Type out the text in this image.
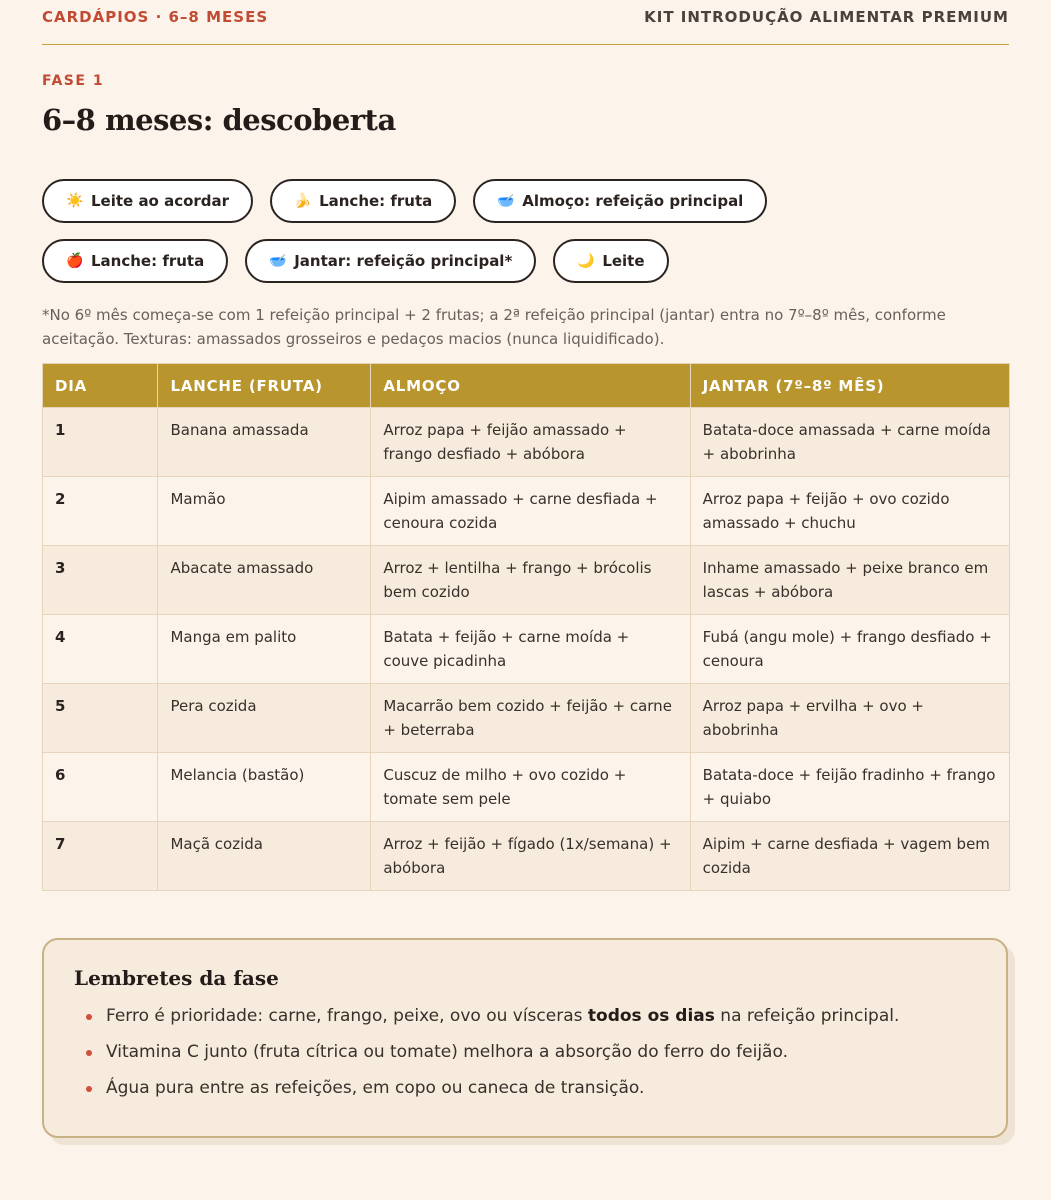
CARDÁPIOS · 6–8 MESES	KIT INTRODUÇÃO ALIMENTAR PREMIUM
FASE 1
6–8 meses: descoberta
☀️ Leite ao acordar	🍌 Lanche: fruta	🥣 Almoço: refeição principal
🍎 Lanche: fruta	🥣 Jantar: refeição principal*	🌙 Leite
*No 6º mês começa-se com 1 refeição principal + 2 frutas; a 2ª refeição principal (jantar) entra no 7º–8º mês, conforme aceitação. Texturas: amassados grosseiros e pedaços macios (nunca liquidificado).
DIA	LANCHE (FRUTA)	ALMOÇO	JANTAR (7º–8º MÊS)
1	Banana amassada	Arroz papa + feijão amassado + frango desfiado + abóbora	Batata-doce amassada + carne moída + abobrinha
2	Mamão	Aipim amassado + carne desfiada + cenoura cozida	Arroz papa + feijão + ovo cozido amassado + chuchu
3	Abacate amassado	Arroz + lentilha + frango + brócolis bem cozido	Inhame amassado + peixe branco em lascas + abóbora
4	Manga em palito	Batata + feijão + carne moída + couve picadinha	Fubá (angu mole) + frango desfiado + cenoura
5	Pera cozida	Macarrão bem cozido + feijão + carne + beterraba	Arroz papa + ervilha + ovo + abobrinha
6	Melancia (bastão)	Cuscuz de milho + ovo cozido + tomate sem pele	Batata-doce + feijão fradinho + frango + quiabo
7	Maçã cozida	Arroz + feijão + fígado (1x/semana) + abóbora	Aipim + carne desfiada + vagem bem cozida
Lembretes da fase
Ferro é prioridade: carne, frango, peixe, ovo ou vísceras todos os dias na refeição principal.
Vitamina C junto (fruta cítrica ou tomate) melhora a absorção do ferro do feijão.
Água pura entre as refeições, em copo ou caneca de transição.
